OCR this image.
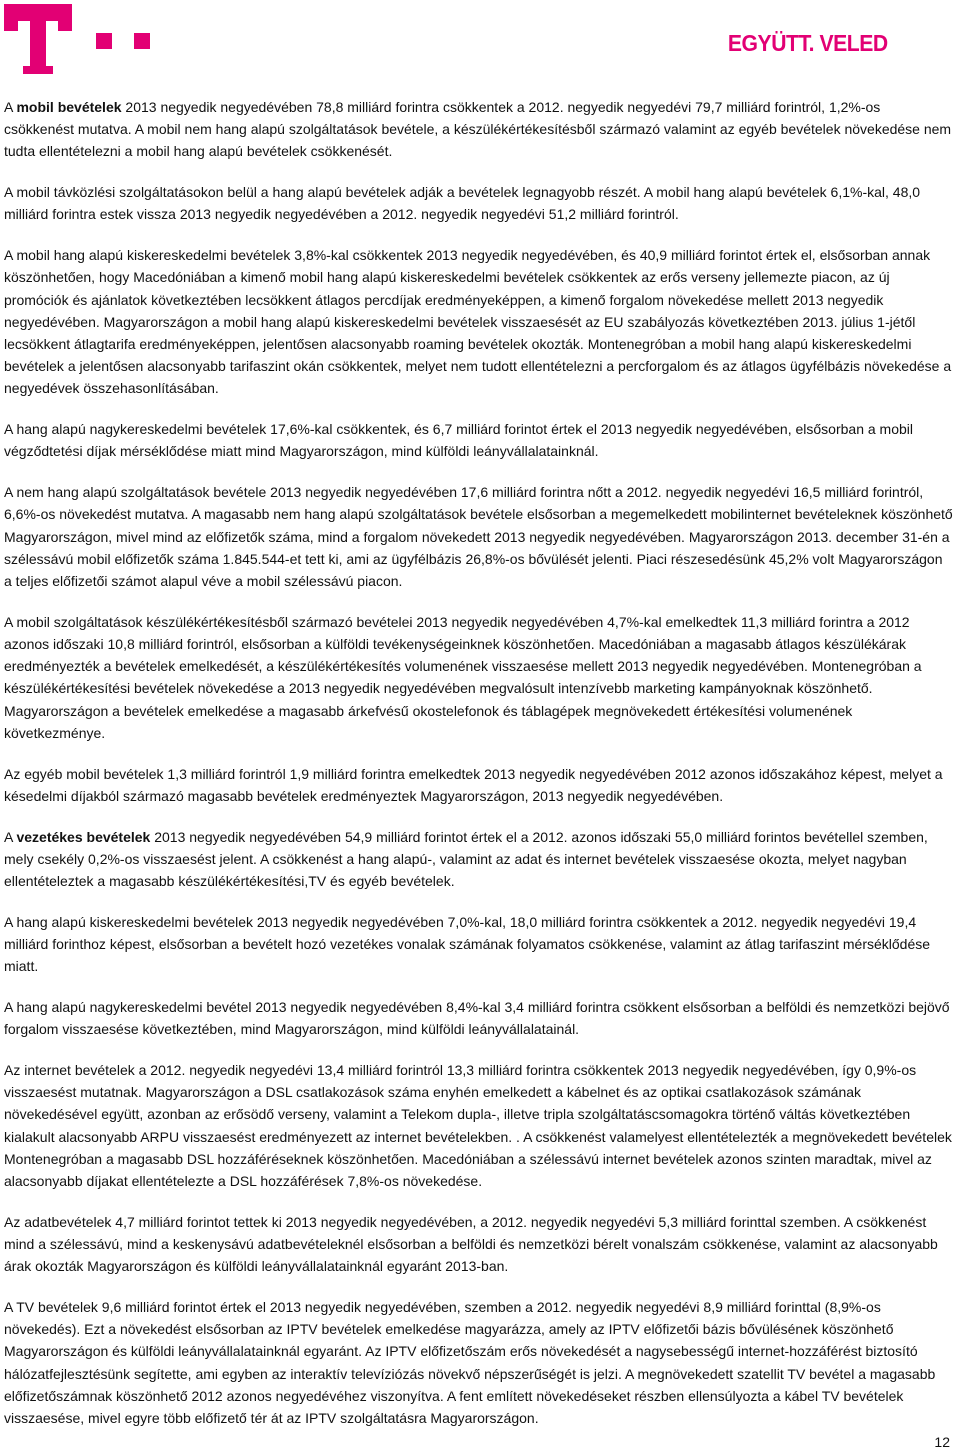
EGYÜTT. VELED

A mobil bevételek 2013 negyedik negyedévében 78,8 milliárd forintra csökkentek a 2012. negyedik negyedévi 79,7 milliárd forintról, 1,2%-os csökkenést mutatva. A mobil nem hang alapú szolgáltatások bevétele, a készülékértékesítésből származó valamint az egyéb bevételek növekedése nem tudta ellentételezni a mobil hang alapú bevételek csökkenését.

A mobil távközlési szolgáltatásokon belül a hang alapú bevételek adják a bevételek legnagyobb részét. A mobil hang alapú bevételek 6,1%-kal, 48,0 milliárd forintra estek vissza 2013 negyedik negyedévében a 2012. negyedik negyedévi 51,2 milliárd forintról.

A mobil hang alapú kiskereskedelmi bevételek 3,8%-kal csökkentek 2013 negyedik negyedévében, és 40,9 milliárd forintot értek el, elsősorban annak köszönhetően, hogy Macedóniában a kimenő mobil hang alapú kiskereskedelmi bevételek csökkentek az erős verseny jellemezte piacon, az új promóciók és ajánlatok következtében lecsökkent átlagos percdíjak eredményeképpen, a kimenő forgalom növekedése mellett 2013 negyedik negyedévében. Magyarországon a mobil hang alapú kiskereskedelmi bevételek visszaesését az EU szabályozás következtében 2013. július 1-jétől lecsökkent átlagtarifa eredményeképpen, jelentősen alacsonyabb roaming bevételek okozták. Montenegróban a mobil hang alapú kiskereskedelmi bevételek a jelentősen alacsonyabb tarifaszint okán csökkentek, melyet nem tudott ellentételezni a percforgalom és az átlagos ügyfélbázis növekedése a negyedévek összehasonlításában.

A hang alapú nagykereskedelmi bevételek 17,6%-kal csökkentek, és 6,7 milliárd forintot értek el 2013 negyedik negyedévében, elsősorban a mobil végződtetési díjak mérséklődése miatt mind Magyarországon, mind külföldi leányvállalatainknál.

A nem hang alapú szolgáltatások bevétele 2013 negyedik negyedévében 17,6 milliárd forintra nőtt a 2012. negyedik negyedévi 16,5 milliárd forintról, 6,6%-os növekedést mutatva. A magasabb nem hang alapú szolgáltatások bevétele elsősorban a megemelkedett mobilinternet bevételeknek köszönhető Magyarországon, mivel mind az előfizetők száma, mind a forgalom növekedett 2013 negyedik negyedévében. Magyarországon 2013. december 31-én a szélessávú mobil előfizetők száma 1.845.544-et tett ki, ami az ügyfélbázis 26,8%-os bővülését jelenti. Piaci részesedésünk 45,2% volt Magyarországon a teljes előfizetői számot alapul véve a mobil szélessávú piacon.

A mobil szolgáltatások készülékértékesítésből származó bevételei 2013 negyedik negyedévében 4,7%-kal emelkedtek 11,3 milliárd forintra a 2012 azonos időszaki 10,8 milliárd forintról, elsősorban a külföldi tevékenységeinknek köszönhetően. Macedóniában a magasabb átlagos készülékárak eredményezték a bevételek emelkedését, a készülékértékesítés volumenének visszaesése mellett 2013 negyedik negyedévében. Montenegróban a készülékértékesítési bevételek növekedése a 2013 negyedik negyedévében megvalósult intenzívebb marketing kampányoknak köszönhető. Magyarországon a bevételek emelkedése a magasabb árkefvésű okostelefonok és táblagépek megnövekedett értékesítési volumenének következménye.

Az egyéb mobil bevételek 1,3 milliárd forintról 1,9 milliárd forintra emelkedtek 2013 negyedik negyedévében 2012 azonos időszakához képest, melyet a késedelmi díjakból származó magasabb bevételek eredményeztek Magyarországon, 2013 negyedik negyedévében.

A vezetékes bevételek 2013 negyedik negyedévében 54,9 milliárd forintot értek el a 2012. azonos időszaki 55,0 milliárd forintos bevétellel szemben, mely csekély 0,2%-os visszaesést jelent. A csökkenést a hang alapú-, valamint az adat és internet bevételek visszaesése okozta, melyet nagyban ellentételeztek a magasabb készülékértékesítési,TV és egyéb bevételek.

A hang alapú kiskereskedelmi bevételek 2013 negyedik negyedévében 7,0%-kal, 18,0 milliárd forintra csökkentek a 2012. negyedik negyedévi 19,4 milliárd forinthoz képest, elsősorban a bevételt hozó vezetékes vonalak számának folyamatos csökkenése, valamint az átlag tarifaszint mérséklődése miatt.

A hang alapú nagykereskedelmi bevétel 2013 negyedik negyedévében 8,4%-kal 3,4 milliárd forintra csökkent elsősorban a belföldi és nemzetközi bejövő forgalom visszaesése következtében, mind Magyarországon, mind külföldi leányvállalatainál.

Az internet bevételek a 2012. negyedik negyedévi 13,4 milliárd forintról 13,3 milliárd forintra csökkentek 2013 negyedik negyedévében, így 0,9%-os visszaesést mutatnak. Magyarországon a DSL csatlakozások száma enyhén emelkedett a kábelnet és az optikai csatlakozások számának növekedésével együtt, azonban az erősödő verseny, valamint a Telekom dupla-, illetve tripla szolgáltatáscsomagokra történő váltás következtében kialakult alacsonyabb ARPU visszaesést eredményezett az internet bevételekben. . A csökkenést valamelyest ellentételezték a megnövekedett bevételek Montenegróban a magasabb DSL hozzáféréseknek köszönhetően. Macedóniában a szélessávú internet bevételek azonos szinten maradtak, mivel az alacsonyabb díjakat ellentételezte a DSL hozzáférések 7,8%-os növekedése.

Az adatbevételek 4,7 milliárd forintot tettek ki 2013 negyedik negyedévében, a 2012. negyedik negyedévi 5,3 milliárd forinttal szemben. A csökkenést mind a szélessávú, mind a keskenysávú adatbevételeknél elsősorban a belföldi és nemzetközi bérelt vonalszám csökkenése, valamint az alacsonyabb árak okozták Magyarországon és külföldi leányvállalatainknál egyaránt 2013-ban.

A TV bevételek 9,6 milliárd forintot értek el 2013 negyedik negyedévében, szemben a 2012. negyedik negyedévi 8,9 milliárd forinttal (8,9%-os növekedés). Ezt a növekedést elsősorban az IPTV bevételek emelkedése magyarázza, amely az IPTV előfizetői bázis bővülésének köszönhető Magyarországon és külföldi leányvállalatainknál egyaránt. Az IPTV előfizetőszám erős növekedését a nagysebességű internet-hozzáférést biztosító hálózatfejlesztésünk segítette, ami egyben az interaktív televíziózás növekvő népszerűségét is jelzi. A megnövekedett szatellit TV bevétel a magasabb előfizetőszámnak köszönhető 2012 azonos negyedévéhez viszonyítva. A fent említett növekedéseket részben ellensúlyozta a kábel TV bevételek visszaesése, mivel egyre több előfizető tér át az IPTV szolgáltatásra Magyarországon.

12
